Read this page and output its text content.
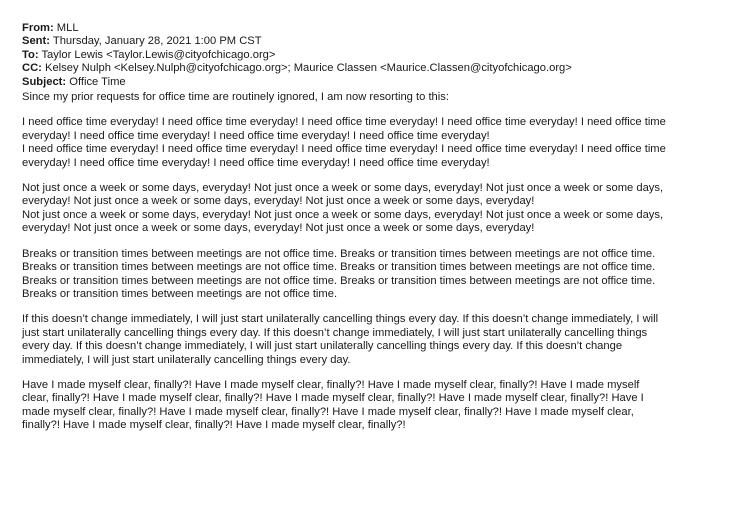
From: MLL
Sent: Thursday, January 28, 2021 1:00 PM CST
To: Taylor Lewis <Taylor.Lewis@cityofchicago.org>
CC: Kelsey Nulph <Kelsey.Nulph@cityofchicago.org>; Maurice Classen <Maurice.Classen@cityofchicago.org>
Subject: Office Time
Since my prior requests for office time are routinely ignored, I am now resorting to this:
I need office time everyday! I need office time everyday! I need office time everyday! I need office time everyday! I need office time
everyday! I need office time everyday! I need office time everyday! I need office time everyday!
I need office time everyday! I need office time everyday! I need office time everyday! I need office time everyday! I need office time
everyday! I need office time everyday! I need office time everyday! I need office time everyday!
Not just once a week or some days, everyday! Not just once a week or some days, everyday! Not just once a week or some days,
everyday! Not just once a week or some days, everyday! Not just once a week or some days, everyday!
Not just once a week or some days, everyday! Not just once a week or some days, everyday! Not just once a week or some days,
everyday! Not just once a week or some days, everyday! Not just once a week or some days, everyday!
Breaks or transition times between meetings are not office time. Breaks or transition times between meetings are not office time.
Breaks or transition times between meetings are not office time. Breaks or transition times between meetings are not office time.
Breaks or transition times between meetings are not office time. Breaks or transition times between meetings are not office time.
Breaks or transition times between meetings are not office time.
If this doesn’t change immediately, I will just start unilaterally cancelling things every day. If this doesn’t change immediately, I will
just start unilaterally cancelling things every day. If this doesn’t change immediately, I will just start unilaterally cancelling things
every day. If this doesn’t change immediately, I will just start unilaterally cancelling things every day. If this doesn’t change
immediately, I will just start unilaterally cancelling things every day.
Have I made myself clear, finally?! Have I made myself clear, finally?! Have I made myself clear, finally?! Have I made myself
clear, finally?! Have I made myself clear, finally?! Have I made myself clear, finally?! Have I made myself clear, finally?! Have I
made myself clear, finally?! Have I made myself clear, finally?! Have I made myself clear, finally?! Have I made myself clear,
finally?! Have I made myself clear, finally?! Have I made myself clear, finally?!
